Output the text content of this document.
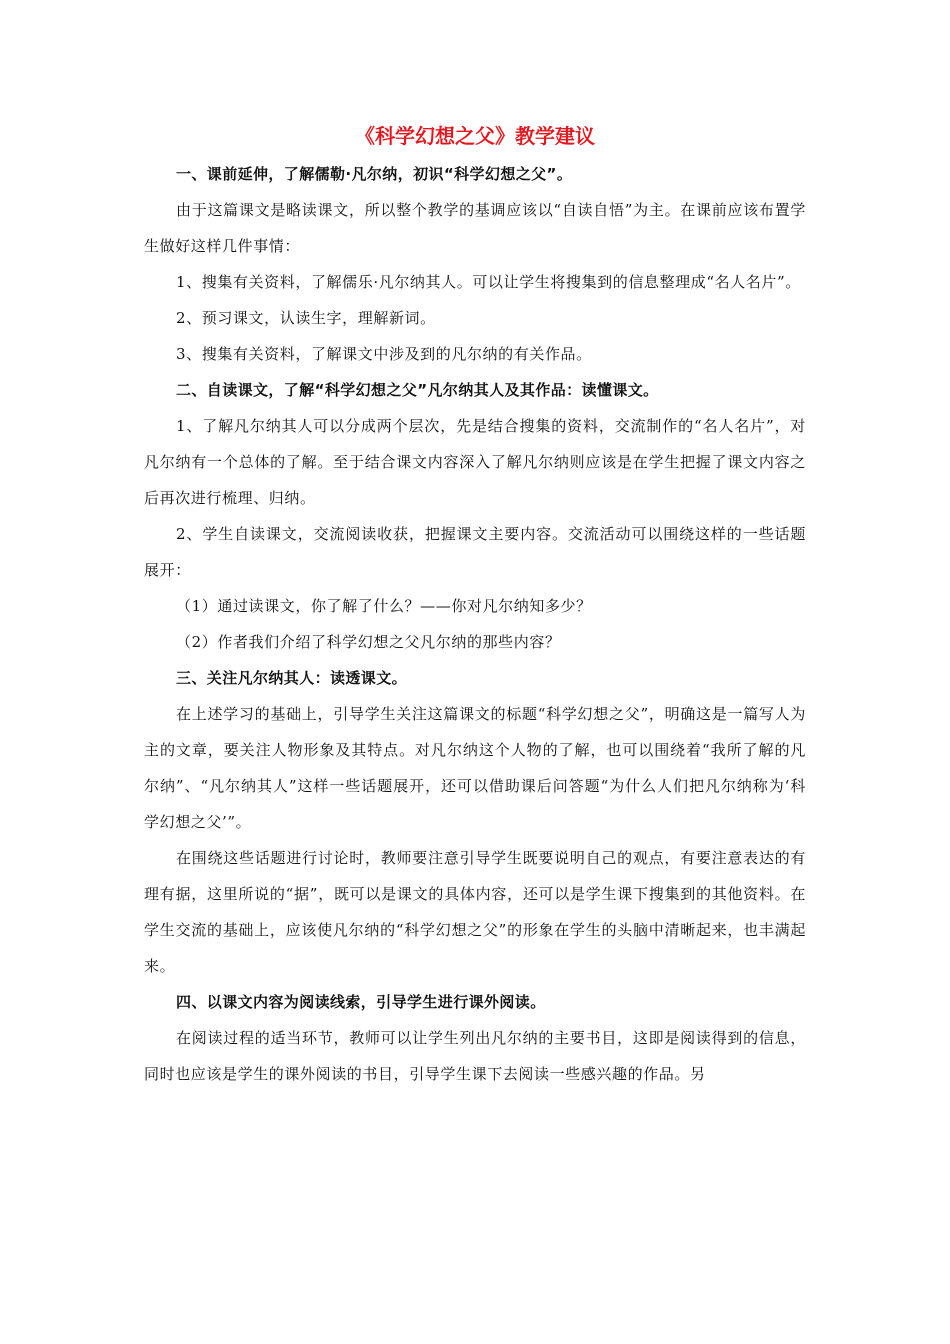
《科学幻想之父》教学建议

一、课前延伸，了解儒勒·凡尔纳，初识“科学幻想之父”。

由于这篇课文是略读课文，所以整个教学的基调应该以“自读自悟”为主。在课前应该布置学生做好这样几件事情：

1、搜集有关资料，了解儒乐·凡尔纳其人。可以让学生将搜集到的信息整理成“名人名片”。

2、预习课文，认读生字，理解新词。

3、搜集有关资料，了解课文中涉及到的凡尔纳的有关作品。

二、自读课文，了解“科学幻想之父”凡尔纳其人及其作品：读懂课文。

1、了解凡尔纳其人可以分成两个层次，先是结合搜集的资料，交流制作的“名人名片”，对凡尔纳有一个总体的了解。至于结合课文内容深入了解凡尔纳则应该是在学生把握了课文内容之后再次进行梳理、归纳。

2、学生自读课文，交流阅读收获，把握课文主要内容。交流活动可以围绕这样的一些话题展开：

（1）通过读课文，你了解了什么？——你对凡尔纳知多少？

（2）作者我们介绍了科学幻想之父凡尔纳的那些内容？

三、关注凡尔纳其人：读透课文。

在上述学习的基础上，引导学生关注这篇课文的标题“科学幻想之父”，明确这是一篇写人为主的文章，要关注人物形象及其特点。对凡尔纳这个人物的了解，也可以围绕着“我所了解的凡尔纳”、“凡尔纳其人”这样一些话题展开，还可以借助课后问答题“为什么人们把凡尔纳称为‘科学幻想之父’”。

在围绕这些话题进行讨论时，教师要注意引导学生既要说明自己的观点，有要注意表达的有理有据，这里所说的“据”，既可以是课文的具体内容，还可以是学生课下搜集到的其他资料。在学生交流的基础上，应该使凡尔纳的“科学幻想之父”的形象在学生的头脑中清晰起来，也丰满起来。

四、以课文内容为阅读线索，引导学生进行课外阅读。

在阅读过程的适当环节，教师可以让学生列出凡尔纳的主要书目，这即是阅读得到的信息，同时也应该是学生的课外阅读的书目，引导学生课下去阅读一些感兴趣的作品。另
